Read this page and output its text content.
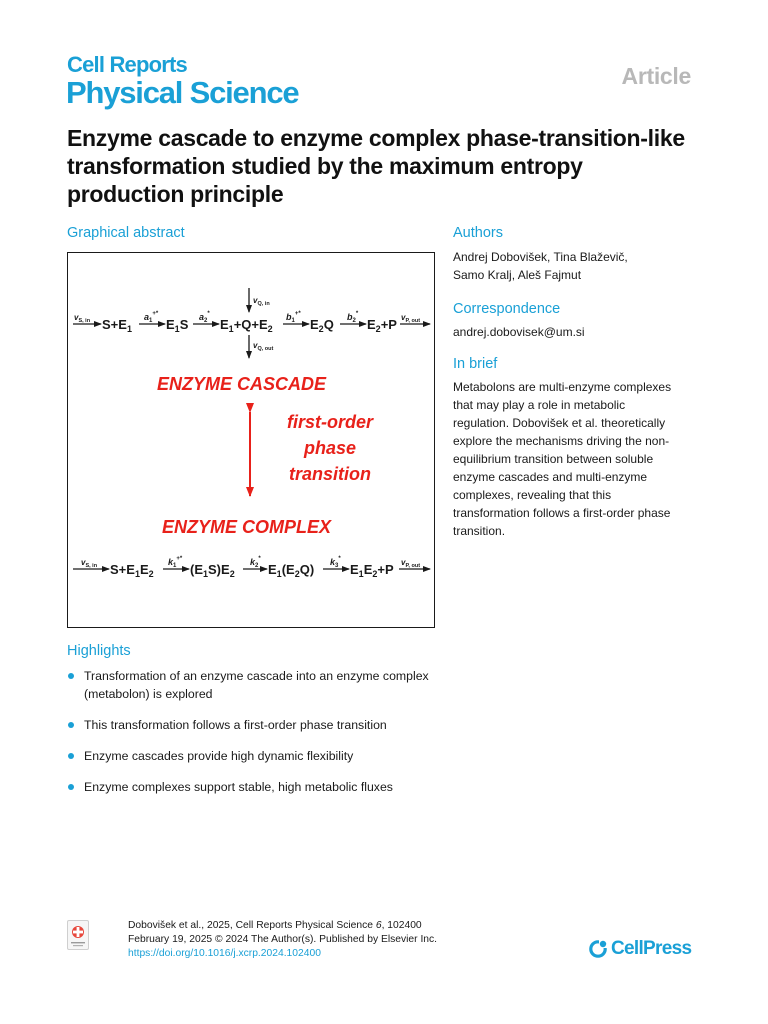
Cell Reports
Physical Science	Article
Enzyme cascade to enzyme complex phase-transition-like transformation studied by the maximum entropy production principle
Graphical abstract
$v_{S, in}$ $S+E_1$
$a_1^{+*}$
$E_1S$ $a_2^*$
$E_1+Q+E_2$
$v_{Q, in}$
$v_{Q, out}$
$b_1^{+*}$
$E_2Q$ $b_2^*$
$E_2+P$ $v_{P, out}$
ENZYME CASCADE
first-order
phase
transition
ENZYME COMPLEX
$v_{S, in}$ $S+E_1E_2$
$k_1^{+*}$
$(E_1S)E_2$
$k_2^*$
$E_1(E_2Q)$ $k_3^*$
$E_1E_2+P$ $v_{P, out}$
Authors
Andrej Dobovišek, Tina Blaževič,
Samo Kralj, Aleš Fajmut
Correspondence
andrej.dobovisek@um.si
In brief
Metabolons are multi-enzyme complexes
that may play a role in metabolic
regulation. Dobovišek et al. theoretically
explore the mechanisms driving the non-
equilibrium transition between soluble
enzyme cascades and multi-enzyme
complexes, revealing that this
transformation follows a first-order phase
transition.
Highlights
Transformation of an enzyme cascade into an enzyme complex (metabolon) is explored
This transformation follows a first-order phase transition
Enzyme cascades provide high dynamic flexibility
Enzyme complexes support stable, high metabolic fluxes
Dobovišek et al., 2025, Cell Reports Physical Science 6, 102400
February 19, 2025 © 2024 The Author(s). Published by Elsevier Inc.
https://doi.org/10.1016/j.xcrp.2024.102400	CellPress
